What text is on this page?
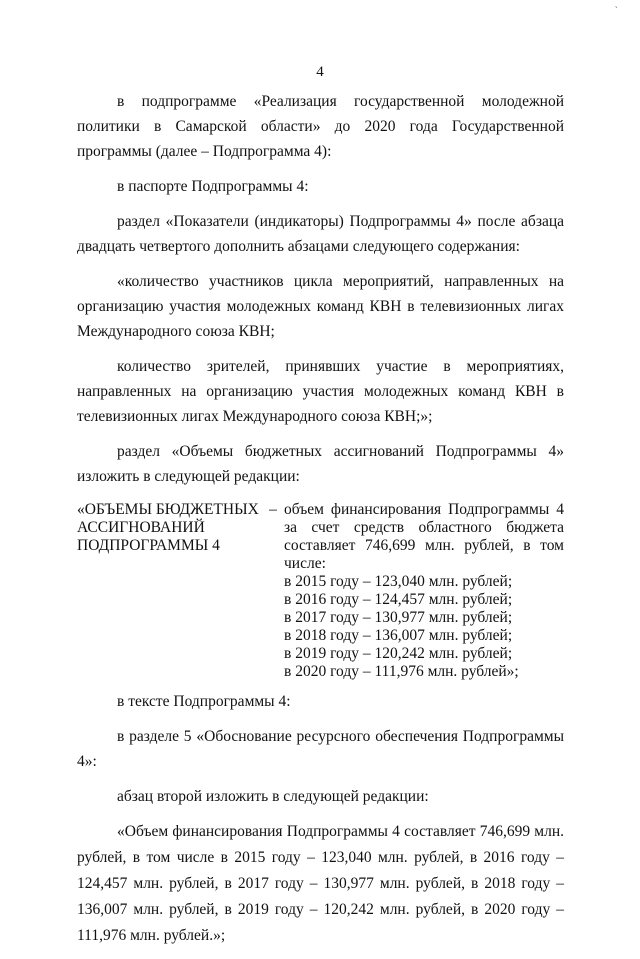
`
4

в подпрограмме «Реализация государственной молодежной политики в Самарской области» до 2020 года Государственной программы (далее – Подпрограмма 4):

в паспорте Подпрограммы 4:

раздел «Показатели (индикаторы) Подпрограммы 4» после абзаца двадцать четвертого дополнить абзацами следующего содержания:

«количество участников цикла мероприятий, направленных на организацию участия молодежных команд КВН в телевизионных лигах Международного союза КВН;

количество зрителей, принявших участие в мероприятиях, направленных на организацию участия молодежных команд КВН в телевизионных лигах Международного союза КВН;»;

раздел «Объемы бюджетных ассигнований Подпрограммы 4» изложить в следующей редакции:

«ОБЪЕМЫ БЮДЖЕТНЫХ
АССИГНОВАНИЙ
ПОДПРОГРАММЫ 4
– объем финансирования Подпрограммы 4 за счет средств областного бюджета составляет 746,699 млн. рублей, в том числе:
в 2015 году – 123,040 млн. рублей;
в 2016 году – 124,457 млн. рублей;
в 2017 году – 130,977 млн. рублей;
в 2018 году – 136,007 млн. рублей;
в 2019 году – 120,242 млн. рублей;
в 2020 году – 111,976 млн. рублей»;

в тексте Подпрограммы 4:

в разделе 5 «Обоснование ресурсного обеспечения Подпрограммы 4»:

абзац второй изложить в следующей редакции:

«Объем финансирования Подпрограммы 4 составляет 746,699 млн. рублей, в том числе в 2015 году – 123,040 млн. рублей, в 2016 году – 124,457 млн. рублей, в 2017 году – 130,977 млн. рублей, в 2018 году – 136,007 млн. рублей, в 2019 году – 120,242 млн. рублей, в 2020 году – 111,976 млн. рублей.»;
